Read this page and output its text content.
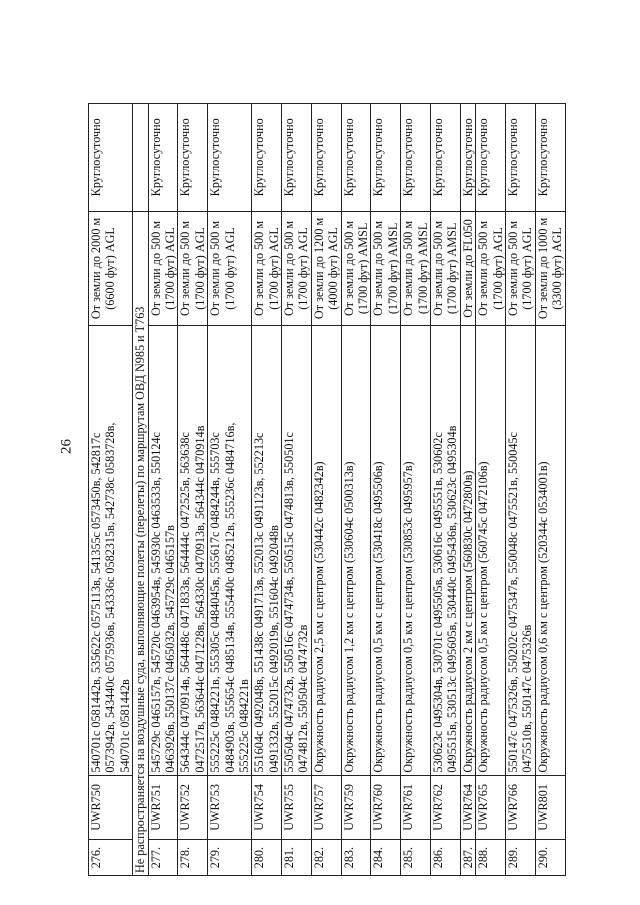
26
276.	UWR750	540701с 0581442в, 535622с 0575113в, 541355с 0573450в, 542817с 0573942в, 543440с 0575936в, 543336с 0582315в, 542738с 0583728в, 540701с 0581442в	От земли до 2000 м (6600 фут) AGL	Круглосуточно
Не распространяется на воздушные суда, выполняющие полеты (перелеты) по маршрутам ОВД N985 и T763				
277.	UWR751	545729с 0465157в, 545720с 0463954в, 545930с 0463533в, 550124с 0463926в, 550137с 0465032в, 545729с 0465157в	От земли до 500 м (1700 фут) AGL	Круглосуточно
278.	UWR752	564344с 0470914в, 564448с 0471833в, 564444с 0472525в, 563638с 0472517в, 563644с 0471228в, 564330с 0470913в, 564344с 0470914в	От земли до 500 м (1700 фут) AGL	Круглосуточно
279.	UWR753	555225с 0484221в, 555305с 0484045в, 555617с 0484244в, 555703с 0484903в, 555654с 0485134в, 555440с 0485212в, 555236с 0484716в, 555225с 0484221в	От земли до 500 м (1700 фут) AGL	Круглосуточно
280.	UWR754	551604с 0492048в, 551438с 0491713в, 552013с 0491123в, 552213с 0491332в, 552015с 0492019в, 551604с 0492048в	От земли до 500 м (1700 фут) AGL	Круглосуточно
281.	UWR755	550504с 0474732в, 550516с 0474734в, 550515с 0474813в, 550501с 0474812в, 550504с 0474732в	От земли до 500 м (1700 фут) AGL	Круглосуточно
282.	UWR757	Окружность радиусом 2,5 км с центром (530442с 0482342в)	От земли до 1200 м (4000 фут) AGL	Круглосуточно
283.	UWR759	Окружность радиусом 1,2 км с центром (530604с 0500313в)	От земли до 500 м (1700 фут) AMSL	Круглосуточно
284.	UWR760	Окружность радиусом 0,5 км с центром (530418с 0495506в)	От земли до 500 м (1700 фут) AMSL	Круглосуточно
285.	UWR761	Окружность радиусом 0,5 км с центром (530853с 0495957в)	От земли до 500 м (1700 фут) AMSL	Круглосуточно
286.	UWR762	530623с 0495304в, 530701с 0495505в, 530616с 0495551в, 530602с 0495515в, 530513с 0495605в, 530440с 0495436в, 530623с 0495304в	От земли до 500 м (1700 фут) AMSL	Круглосуточно
287.	UWR764	Окружность радиусом 2 км с центром (560830с 0472800в)	От земли до FL050	Круглосуточно
288.	UWR765	Окружность радиусом 0,5 км с центром (560745с 0472106в)	От земли до 500 м (1700 фут) AGL	Круглосуточно
289.	UWR766	550147с 0475326в, 550202с 0475347в, 550048с 0475521в, 550045с 0475510в, 550147с 0475326в	От земли до 500 м (1700 фут) AGL	Круглосуточно
290.	UWR801	Окружность радиусом 0,6 км с центром (520344с 0534001в)	От земли до 1000 м (3300 фут) AGL	Круглосуточно
